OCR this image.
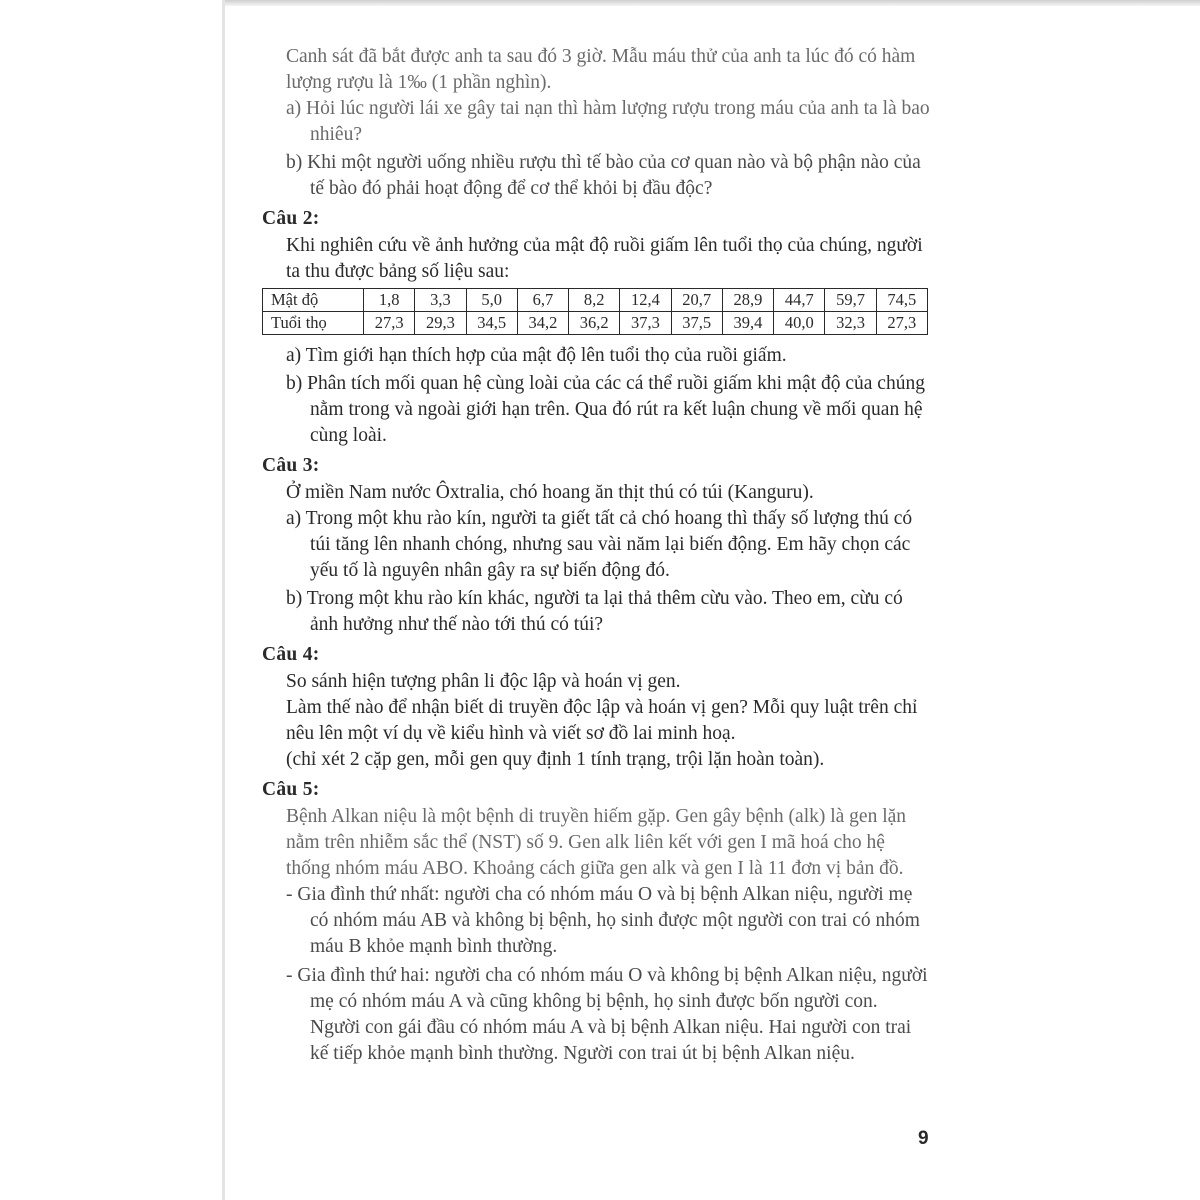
Canh sát đã bắt được anh ta sau đó 3 giờ. Mẫu máu thử của anh ta lúc đó có hàm lượng rượu là 1‰ (1 phần nghìn).

a) Hỏi lúc người lái xe gây tai nạn thì hàm lượng rượu trong máu của anh ta là bao nhiêu?

b) Khi một người uống nhiều rượu thì tế bào của cơ quan nào và bộ phận nào của tế bào đó phải hoạt động để cơ thể khỏi bị đầu độc?

Câu 2:

Khi nghiên cứu về ảnh hưởng của mật độ ruồi giấm lên tuổi thọ của chúng, người ta thu được bảng số liệu sau:

Mật độ	1,8	3,3	5,0	6,7	8,2	12,4	20,7	28,9	44,7	59,7	74,5
Tuổi thọ	27,3	29,3	34,5	34,2	36,2	37,3	37,5	39,4	40,0	32,3	27,3

a) Tìm giới hạn thích hợp của mật độ lên tuổi thọ của ruồi giấm.

b) Phân tích mối quan hệ cùng loài của các cá thể ruồi giấm khi mật độ của chúng nằm trong và ngoài giới hạn trên. Qua đó rút ra kết luận chung về mối quan hệ cùng loài.

Câu 3:

Ở miền Nam nước Ôxtralia, chó hoang ăn thịt thú có túi (Kanguru).

a) Trong một khu rào kín, người ta giết tất cả chó hoang thì thấy số lượng thú có túi tăng lên nhanh chóng, nhưng sau vài năm lại biến động. Em hãy chọn các yếu tố là nguyên nhân gây ra sự biến động đó.

b) Trong một khu rào kín khác, người ta lại thả thêm cừu vào. Theo em, cừu có ảnh hưởng như thế nào tới thú có túi?

Câu 4:

So sánh hiện tượng phân li độc lập và hoán vị gen.

Làm thế nào để nhận biết di truyền độc lập và hoán vị gen? Mỗi quy luật trên chỉ nêu lên một ví dụ về kiểu hình và viết sơ đồ lai minh hoạ.

(chỉ xét 2 cặp gen, mỗi gen quy định 1 tính trạng, trội lặn hoàn toàn).

Câu 5:

Bệnh Alkan niệu là một bệnh di truyền hiếm gặp. Gen gây bệnh (alk) là gen lặn nằm trên nhiễm sắc thể (NST) số 9. Gen alk liên kết với gen I mã hoá cho hệ thống nhóm máu ABO. Khoảng cách giữa gen alk và gen I là 11 đơn vị bản đồ.

- Gia đình thứ nhất: người cha có nhóm máu O và bị bệnh Alkan niệu, người mẹ có nhóm máu AB và không bị bệnh, họ sinh được một người con trai có nhóm máu B khỏe mạnh bình thường.

- Gia đình thứ hai: người cha có nhóm máu O và không bị bệnh Alkan niệu, người mẹ có nhóm máu A và cũng không bị bệnh, họ sinh được bốn người con. Người con gái đầu có nhóm máu A và bị bệnh Alkan niệu. Hai người con trai kế tiếp khỏe mạnh bình thường. Người con trai út bị bệnh Alkan niệu.

9
